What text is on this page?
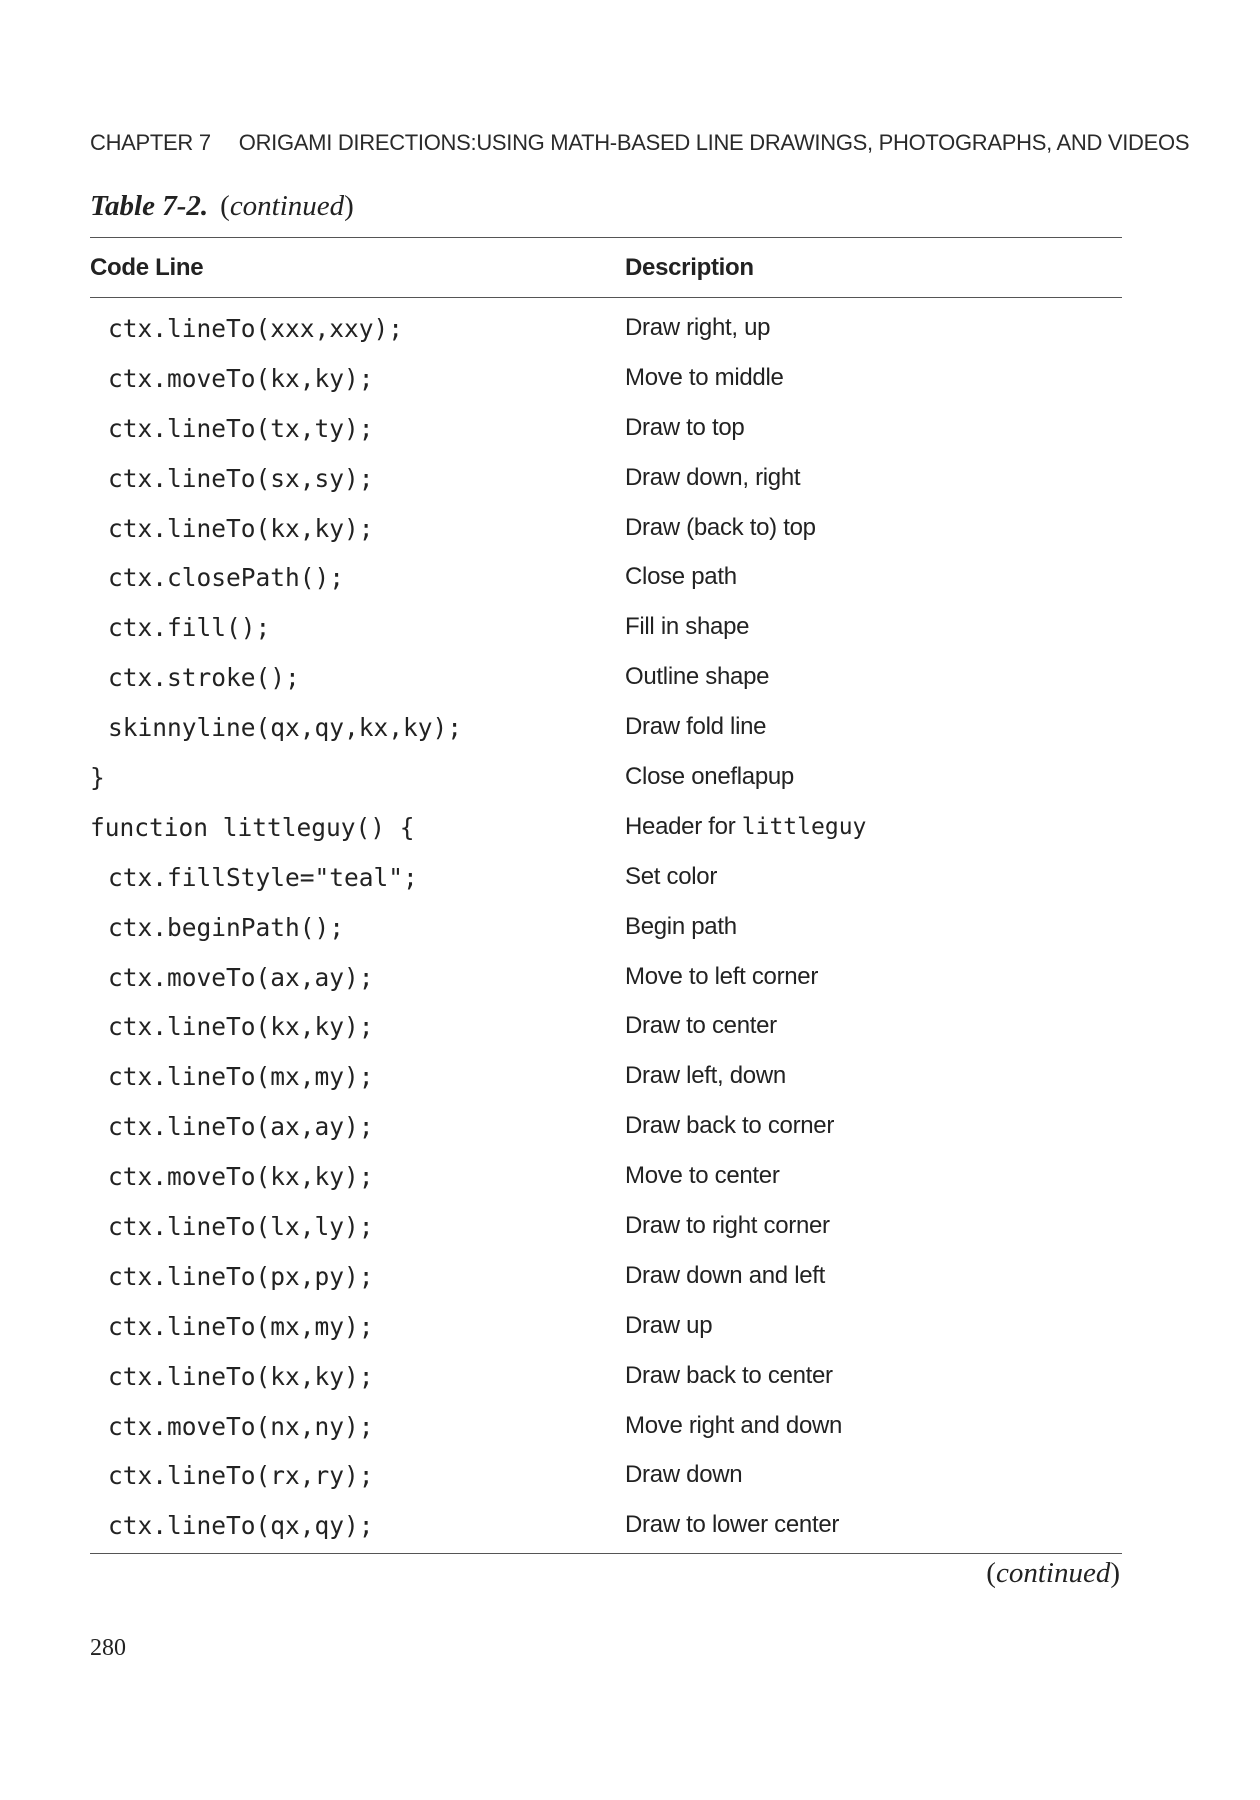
CHAPTER 7 ORIGAMI DIRECTIONS:USING MATH-BASED LINE DRAWINGS, PHOTOGRAPHS, AND VIDEOS
Table 7-2. (continued)
Code Line	Description
ctx.lineTo(xxx,xxy);	Draw right, up
ctx.moveTo(kx,ky);	Move to middle
ctx.lineTo(tx,ty);	Draw to top
ctx.lineTo(sx,sy);	Draw down, right
ctx.lineTo(kx,ky);	Draw (back to) top
ctx.closePath();	Close path
ctx.fill();	Fill in shape
ctx.stroke();	Outline shape
skinnyline(qx,qy,kx,ky);	Draw fold line
}	Close oneflapup
function littleguy() {	Header for littleguy
ctx.fillStyle="teal";	Set color
ctx.beginPath();	Begin path
ctx.moveTo(ax,ay);	Move to left corner
ctx.lineTo(kx,ky);	Draw to center
ctx.lineTo(mx,my);	Draw left, down
ctx.lineTo(ax,ay);	Draw back to corner
ctx.moveTo(kx,ky);	Move to center
ctx.lineTo(lx,ly);	Draw to right corner
ctx.lineTo(px,py);	Draw down and left
ctx.lineTo(mx,my);	Draw up
ctx.lineTo(kx,ky);	Draw back to center
ctx.moveTo(nx,ny);	Move right and down
ctx.lineTo(rx,ry);	Draw down
ctx.lineTo(qx,qy);	Draw to lower center
(continued)
280
